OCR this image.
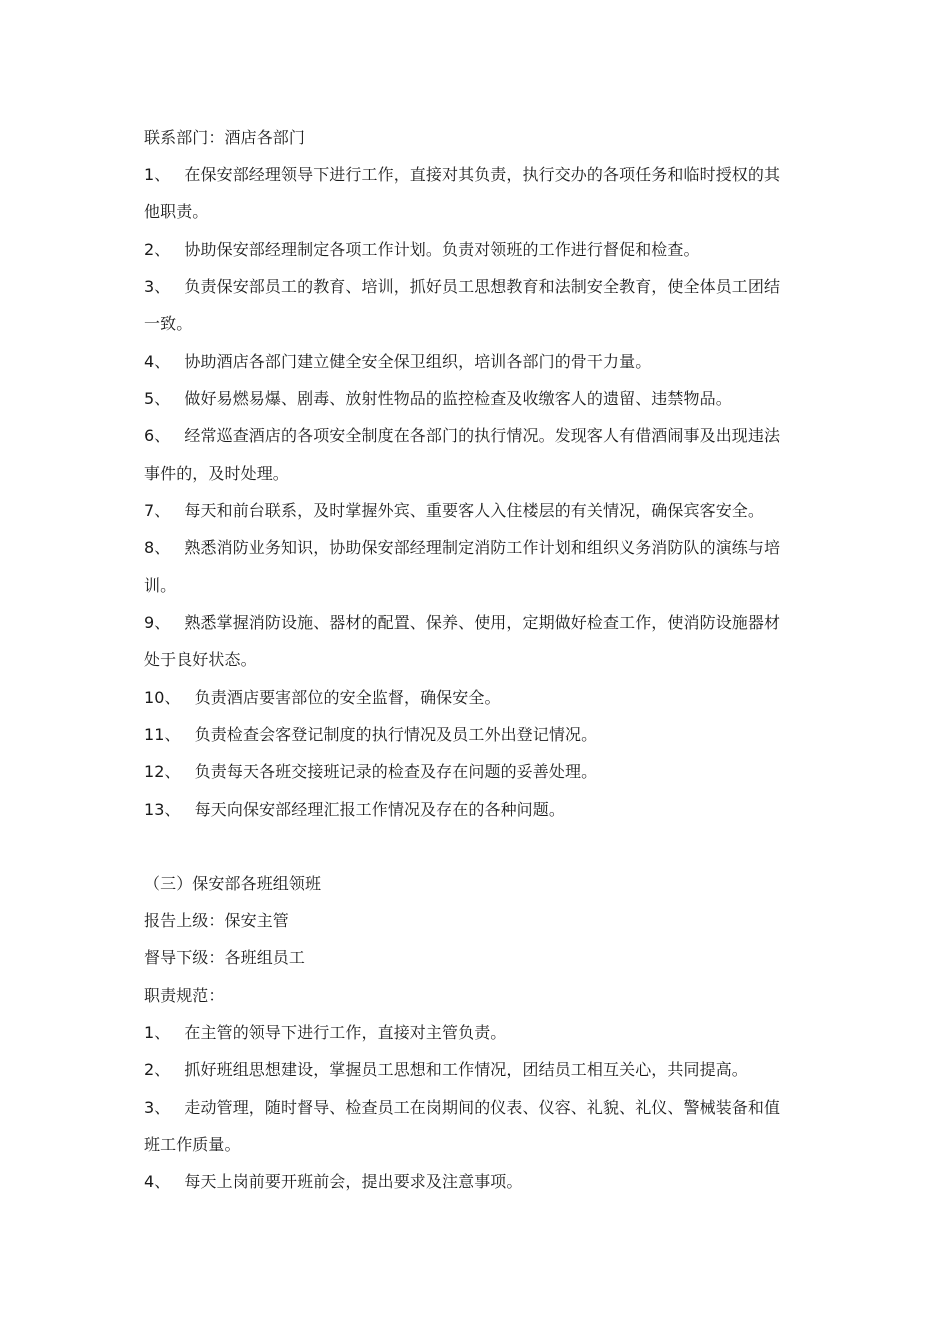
联系部门：酒店各部门
1、 在保安部经理领导下进行工作，直接对其负责，执行交办的各项任务和临时授权的其
他职责。
2、 协助保安部经理制定各项工作计划。负责对领班的工作进行督促和检查。
3、 负责保安部员工的教育、培训，抓好员工思想教育和法制安全教育，使全体员工团结
一致。
4、 协助酒店各部门建立健全安全保卫组织，培训各部门的骨干力量。
5、 做好易燃易爆、剧毒、放射性物品的监控检查及收缴客人的遗留、违禁物品。
6、 经常巡查酒店的各项安全制度在各部门的执行情况。发现客人有借酒闹事及出现违法
事件的，及时处理。
7、 每天和前台联系，及时掌握外宾、重要客人入住楼层的有关情况，确保宾客安全。
8、 熟悉消防业务知识，协助保安部经理制定消防工作计划和组织义务消防队的演练与培
训。
9、 熟悉掌握消防设施、器材的配置、保养、使用，定期做好检查工作，使消防设施器材
处于良好状态。
10、 负责酒店要害部位的安全监督，确保安全。
11、 负责检查会客登记制度的执行情况及员工外出登记情况。
12、 负责每天各班交接班记录的检查及存在问题的妥善处理。
13、 每天向保安部经理汇报工作情况及存在的各种问题。
（三）保安部各班组领班
报告上级：保安主管
督导下级：各班组员工
职责规范：
1、 在主管的领导下进行工作，直接对主管负责。
2、 抓好班组思想建设，掌握员工思想和工作情况，团结员工相互关心，共同提高。
3、 走动管理，随时督导、检查员工在岗期间的仪表、仪容、礼貌、礼仪、警械装备和值
班工作质量。
4、 每天上岗前要开班前会，提出要求及注意事项。
